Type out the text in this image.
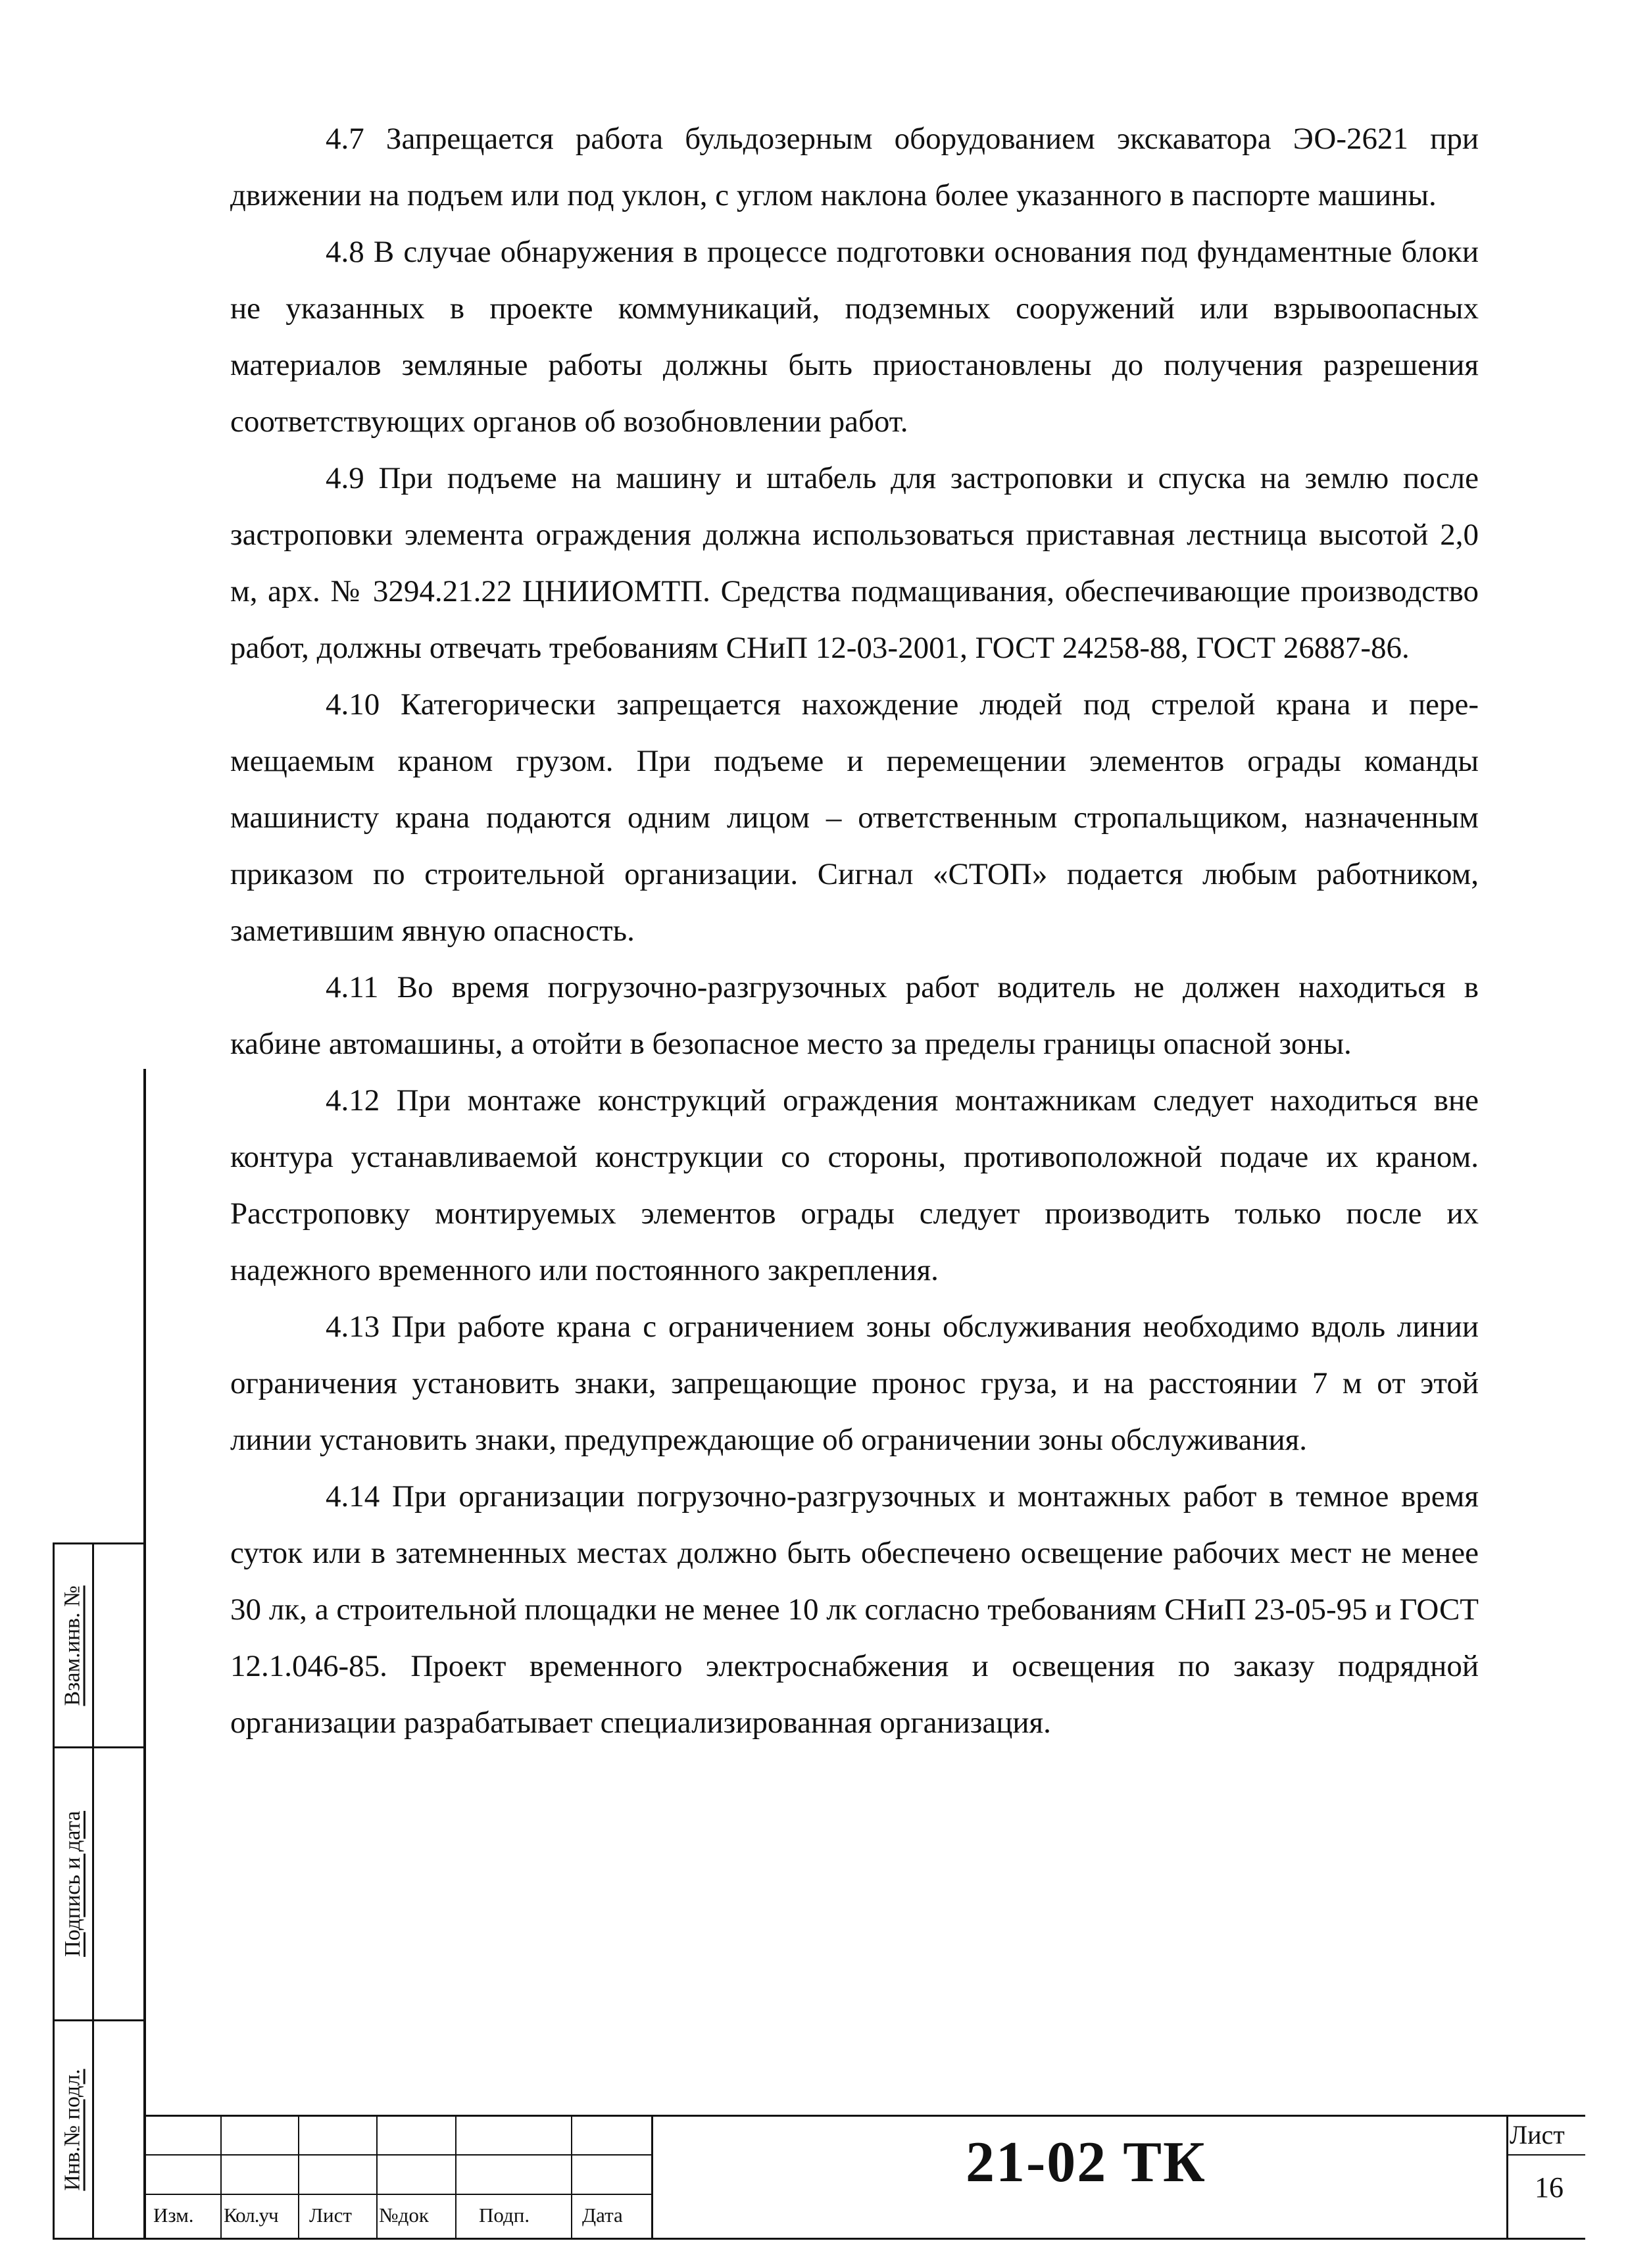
4.7 Запрещается работа бульдозерным оборудованием экскаватора ЭО-2621 при движении на подъем или под уклон, с углом наклона более указанного в паспорте машины.

4.8 В случае обнаружения в процессе подготовки основания под фундаментные блоки не указанных в проекте коммуникаций, подземных сооружений или взрывоопасных материалов земляные работы должны быть приостановлены до получения разрешения соответствующих органов об возобновлении работ.

4.9 При подъеме на машину и штабель для застроповки и спуска на землю после застроповки элемента ограждения должна использоваться приставная лестница высотой 2,0 м, арх. № 3294.21.22 ЦНИИОМТП. Средства подмащивания, обеспечивающие производство работ, должны отвечать требованиям СНиП 12-03-2001, ГОСТ 24258-88, ГОСТ 26887-86.

4.10 Категорически запрещается нахождение людей под стрелой крана и перемещаемым краном грузом. При подъеме и перемещении элементов ограды команды машинисту крана подаются одним лицом – ответственным стропальщиком, назначенным приказом по строительной организации. Сигнал «СТОП» подается любым работником, заметившим явную опасность.

4.11 Во время погрузочно-разгрузочных работ водитель не должен находиться в кабине автомашины, а отойти в безопасное место за пределы границы опасной зоны.

4.12 При монтаже конструкций ограждения монтажникам следует находиться вне контура устанавливаемой конструкции со стороны, противоположной подаче их краном. Расстроповку монтируемых элементов ограды следует производить только после их надежного временного или постоянного закрепления.

4.13 При работе крана с ограничением зоны обслуживания необходимо вдоль линии ограничения установить знаки, запрещающие пронос груза, и на расстоянии 7 м от этой линии установить знаки, предупреждающие об ограничении зоны обслуживания.

4.14 При организации погрузочно-разгрузочных и монтажных работ в темное время суток или в затемненных местах должно быть обеспечено освещение рабочих мест не менее 30 лк, а строительной площадки не менее 10 лк согласно требованиям СНиП 23-05-95 и ГОСТ 12.1.046-85. Проект временного электроснабжения и освещения по заказу подрядной организации разрабатывает специализированная организация.

Взам.инв. №
Подпись и дата
Инв.№ подл.
Изм. Кол.уч Лист №док Подп.	Дата
21-02 ТК	Лист
16
